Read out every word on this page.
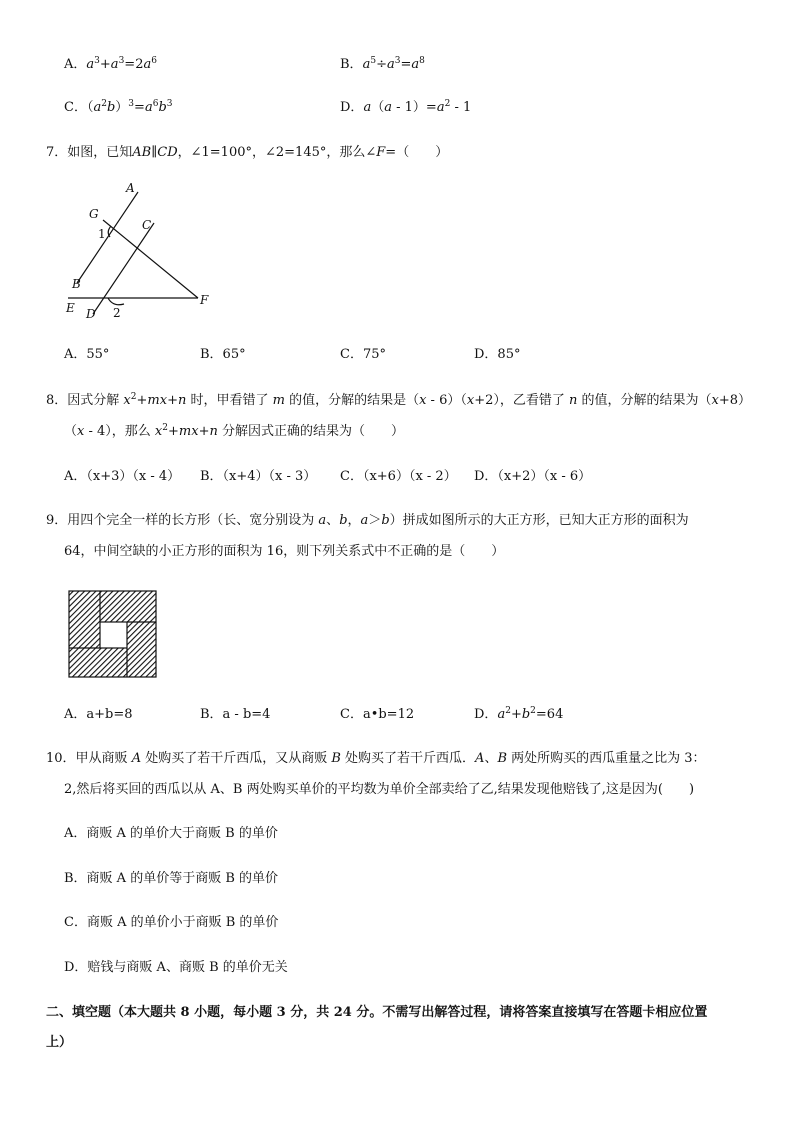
A．$a^3+a^3=2a^6$	B．$a^5\div a^3=a^8$
C．$(a^2b)^3=a^6b^3$	D．$a(a - 1)=a^2 - 1$
7．如图，已知AB∥CD，∠1=100°，∠2=145°，那么∠F=（　　）
A
G
C
1
B
E D 2
F
A．55°	B．65°	C．75°	D．85°
8．因式分解 $x^2+mx+n$ 时，甲看错了 m 的值，分解的结果是（x - 6）（x+2），乙看错了 n 的值，分解的结果为（x+8）
（x - 4），那么 $x^2+mx+n$ 分解因式正确的结果为（　　）
A．（x+3）（x - 4） B．（x+4）（x - 3） C．（x+6）（x - 2） D．（x+2）（x - 6）
9．用四个完全一样的长方形（长、宽分别设为 a、b，a＞b）拼成如图所示的大正方形，已知大正方形的面积为
64，中间空缺的小正方形的面积为 16，则下列关系式中不正确的是（　　）
A．a+b=8	B．a - b=4	C．a•b=12	D．$a^2+b^2=64$
10．甲从商贩 A 处购买了若干斤西瓜，又从商贩 B 处购买了若干斤西瓜．A、B 两处所购买的西瓜重量之比为 3：
2,然后将买回的西瓜以从 A、B 两处购买单价的平均数为单价全部卖给了乙,结果发现他赔钱了,这是因为(　　)
A．商贩 A 的单价大于商贩 B 的单价
B．商贩 A 的单价等于商贩 B 的单价
C．商贩 A 的单价小于商贩 B 的单价
D．赔钱与商贩 A、商贩 B 的单价无关
二、填空题（本大题共 8 小题，每小题 3 分，共 24 分。不需写出解答过程，请将答案直接填写在答题卡相应位置
上）
